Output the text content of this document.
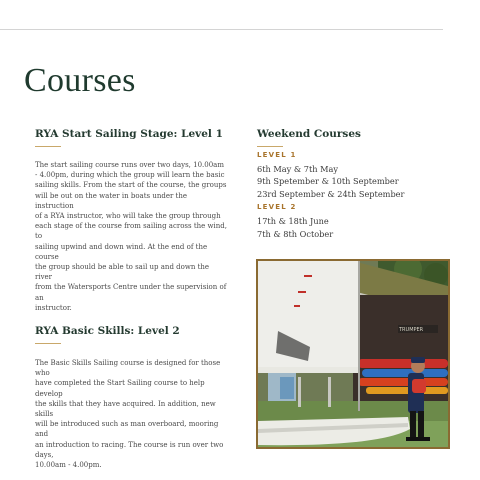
Courses
RYA Start Sailing Stage: Level 1

The start sailing course runs over two days, 10.00am

- 4.00pm, during which the group will learn the basic

sailing skills. From the start of the course, the groups

will be out on the water in boats under the instruction

of a RYA instructor, who will take the group through

each stage of the course from sailing across the wind, to

sailing upwind and down wind. At the end of the course

the group should be able to sail up and down the river

from the Watersports Centre under the supervision of an

instructor.

RYA Basic Skills: Level 2

The Basic Skills Sailing course is designed for those who

have completed the Start Sailing course to help develop

the skills that they have acquired. In addition, new skills

will be introduced such as man overboard, mooring and

an introduction to racing. The course is run over two days,

10.00am - 4.00pm.

Weekend Courses

LEVEL 1

6th May & 7th May

9th Spetember & 10th September

23rd September & 24th September

LEVEL 2

17th & 18th June

7th & 8th October

TRUMPER
